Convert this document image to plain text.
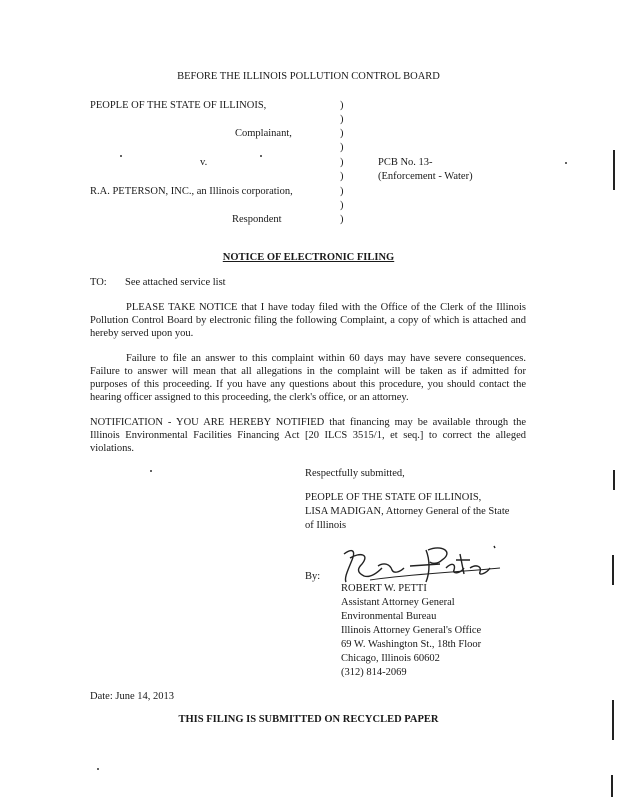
BEFORE THE ILLINOIS POLLUTION CONTROL BOARD
PEOPLE OF THE STATE OF ILLINOIS,
Complainant,
v.
R.A. PETERSON, INC., an Illinois corporation,
Respondent
)
)
)
)
)
)
)
)
)
PCB No. 13-
(Enforcement - Water)
NOTICE OF ELECTRONIC FILING
TO: See attached service list
PLEASE TAKE NOTICE that I have today filed with the Office of the Clerk of the Illinois Pollution Control Board by electronic filing the following Complaint, a copy of which is attached and hereby served upon you.
Failure to file an answer to this complaint within 60 days may have severe consequences. Failure to answer will mean that all allegations in the complaint will be taken as if admitted for purposes of this proceeding. If you have any questions about this procedure, you should contact the hearing officer assigned to this proceeding, the clerk's office, or an attorney.
NOTIFICATION - YOU ARE HEREBY NOTIFIED that financing may be available through the Illinois Environmental Facilities Financing Act [20 ILCS 3515/1, et seq.] to correct the alleged violations.
Respectfully submitted,
PEOPLE OF THE STATE OF ILLINOIS,
LISA MADIGAN, Attorney General of the State
of Illinois
By:
ROBERT W. PETTI
Assistant Attorney General
Environmental Bureau
Illinois Attorney General's Office
69 W. Washington St., 18th Floor
Chicago, Illinois 60602
(312) 814-2069
Date: June 14, 2013
THIS FILING IS SUBMITTED ON RECYCLED PAPER
